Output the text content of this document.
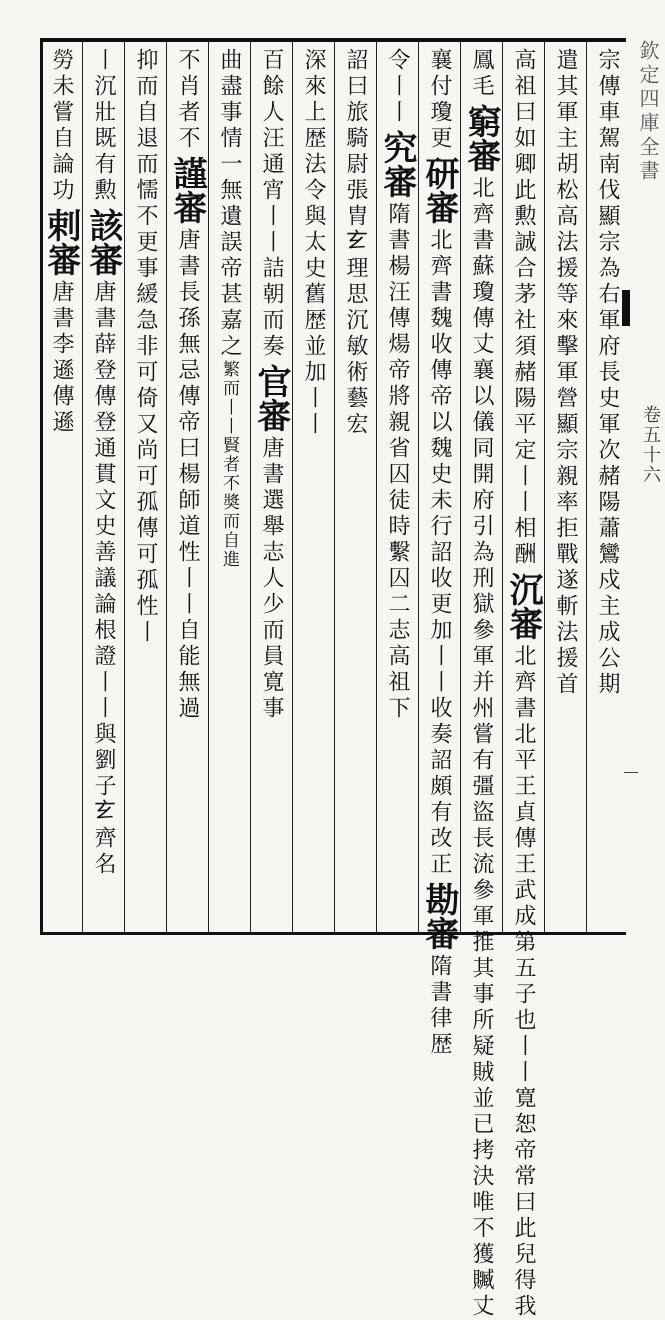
宗傳車駕南伐顯宗為右軍府長史軍次赭陽蕭鸞戍主成公期
遣其軍主胡松高法援等來擊軍營顯宗親率拒戰遂斬法援首
高祖曰如卿此勲誠合茅社須赭陽平定丨丨相酬沉審北齊書北平王貞傳王武成第五子也丨丨寛恕帝常曰此兒得我
鳳毛窮審北齊書蘇瓊傳丈襄以儀同開府引為刑獄參軍并州嘗有彊盜長流參軍推其事所疑賊並已拷決唯不獲贓丈
襄付瓊更研審北齊書魏收傳帝以魏史未行詔收更加丨丨收奏詔頗有改正勘審隋書律歴
令丨丨究審隋書楊汪傳煬帝將親省囚徒時繫囚二志高祖下
詔曰旅騎尉張胄𤣥理思沉敏術藝宏
深來上歴法令與太史舊歴並加丨丨
百餘人汪通宵丨丨詰朝而奏官審唐書選舉志人少而員寛事
曲盡事情一無遺誤帝甚嘉之繁而丨丨賢者不奬而自進
不肖者不謹審唐書長孫無忌傳帝曰楊師道性丨丨自能無過
抑而自退而懦不更事緩急非可倚又尚可孤傳可孤性丨
丨沉壯既有勲該審唐書薛登傳登通貫文史善議論根證丨丨與劉子𤣥齊名
勞未嘗自論功剌審唐書李遜傳遜
欽定四庫全書
卷五十六
